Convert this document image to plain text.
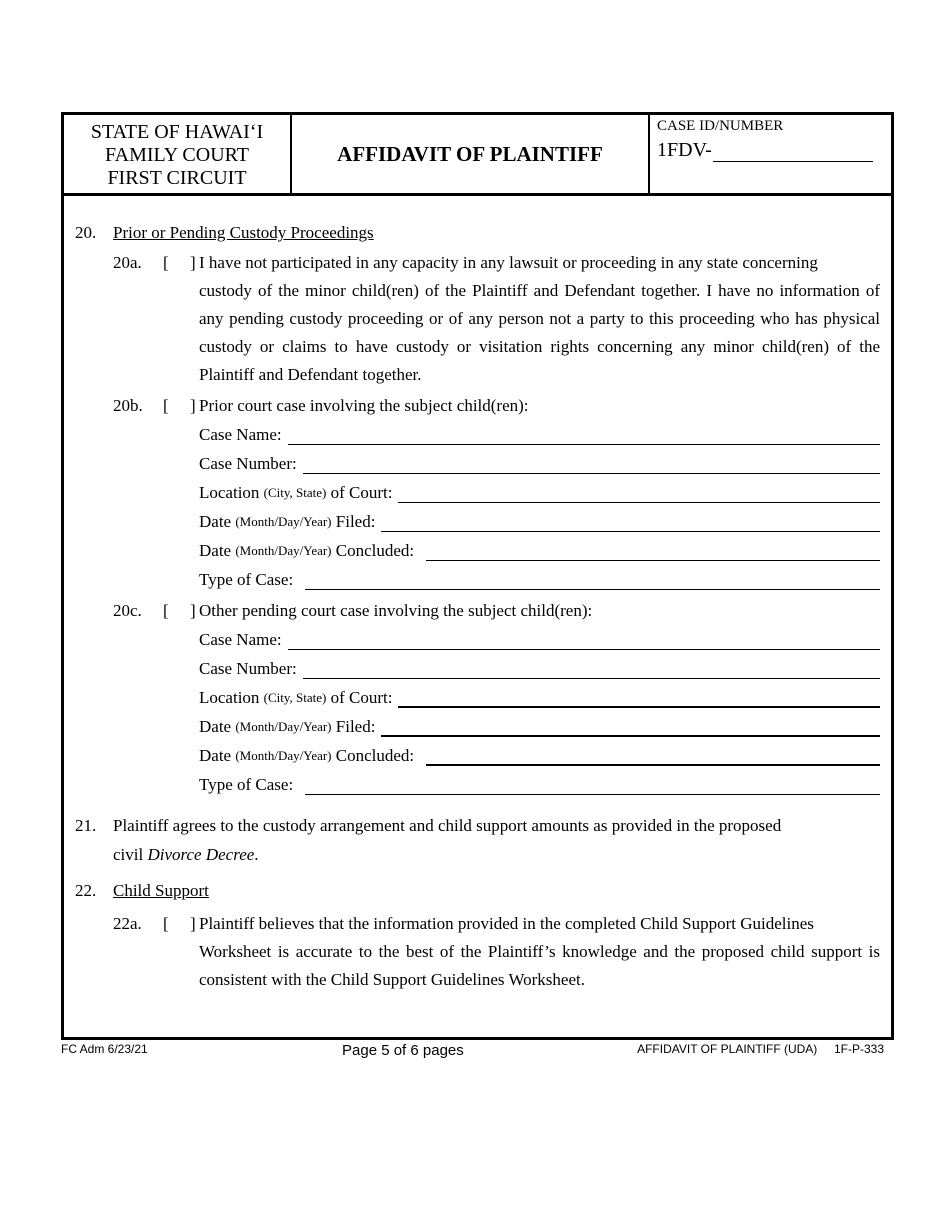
STATE OF HAWAI‘I
FAMILY COURT
FIRST CIRCUIT
AFFIDAVIT OF PLAINTIFF
CASE ID/NUMBER
1FDV-
20. Prior or Pending Custody Proceedings
20a. [ ] I have not participated in any capacity in any lawsuit or proceeding in any state concerning
custody of the minor child(ren) of the Plaintiff and Defendant together. I have no information of any pending custody proceeding or of any person not a party to this proceeding who has physical custody or claims to have custody or visitation rights concerning any minor child(ren) of the Plaintiff and Defendant together.
20b. [ ] Prior court case involving the subject child(ren):
Case Name:
Case Number:
Location
(City, State)
of Court:
Date
(Month/Day/Year)
Filed:
Date
(Month/Day/Year)
Concluded:
Type of Case:
20c. [ ] Other pending court case involving the subject child(ren):
Case Name:
Case Number:
Location
(City, State)
of Court:
Date
(Month/Day/Year)
Filed:
Date
(Month/Day/Year)
Concluded:
Type of Case:
21. Plaintiff agrees to the custody arrangement and child support amounts as provided in the proposed
civil Divorce Decree.
22. Child Support
22a. [ ] Plaintiff believes that the information provided in the completed Child Support Guidelines
Worksheet is accurate to the best of the Plaintiff’s knowledge and the proposed child support is consistent with the Child Support Guidelines Worksheet.
FC Adm 6/23/21	Page 5 of 6 pages	AFFIDAVIT OF PLAINTIFF (UDA)     1F-P-333
